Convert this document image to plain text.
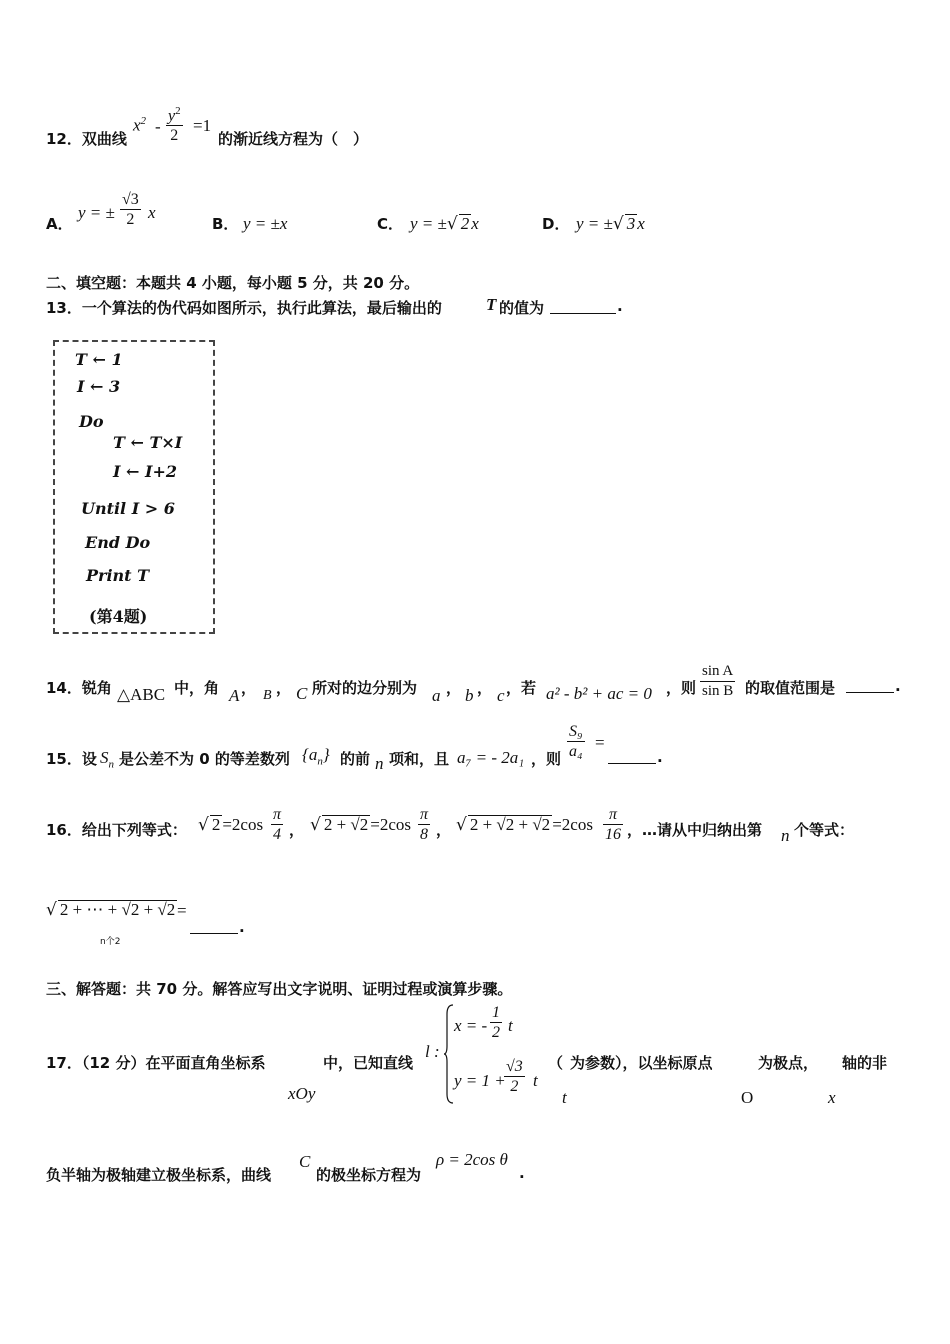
12．双曲线
$x^2 - \frac{y^2}{2} =1$
的渐近线方程为（　）
A．
y = ± $\frac{√3}{2}$ x
B． y = ±x	C． y = ±√ 2 x	D． y = ±√ 3 x
二、填空题：本题共 4 小题，每小题 5 分，共 20 分。
13．一个算法的伪代码如图所示，执行此算法，最后输出的	T 的值为	.
T ← 1
I ← 3
Do
T ← T×I
I ← I+2
Until I > 6
End Do
Print T
(第4题)
14．锐角 △ABC 中，角 A ， B ， C 所对的边分别为 a ， b ， c ，若 a² - b² + ac = 0 ，则 $\frac{\text{sin A}}{\text{sin B}}$ 的取值范围是	.
15．设 $S_n$ 是公差不为 0 的等差数列 $\{a_n\}$ 的前 n 项和，且 a₇ = - 2a₁ ，则 $\frac{\text{S₉}}{\text{a₄}}$ =
.
16．给出下列等式： √ $2 =2\cos \frac{\pi}{4}$ ， √ $2 + √2 =2\cos \frac{\pi}{8}$ ， √ $2 + √2 + √2 =2\cos \frac{\pi}{16}$ ，…请从中归纳出第 n 个等式：
√ 2 + ⋯ + √2 + √2
n个2
=
.
三、解答题：共 70 分。解答应写出文字说明、证明过程或演算步骤。
17．（12 分）在平面直角坐标系
xOy
中，已知直线
l :
x = - $\frac{1}{2}$ t
y = 1 +
$\frac{√3}{2}$ t
（
t
为参数），以坐标原点
O
为极点，
x
轴的非
负半轴为极轴建立极坐标系，曲线
C
的极坐标方程为
ρ = 2cos θ
.
